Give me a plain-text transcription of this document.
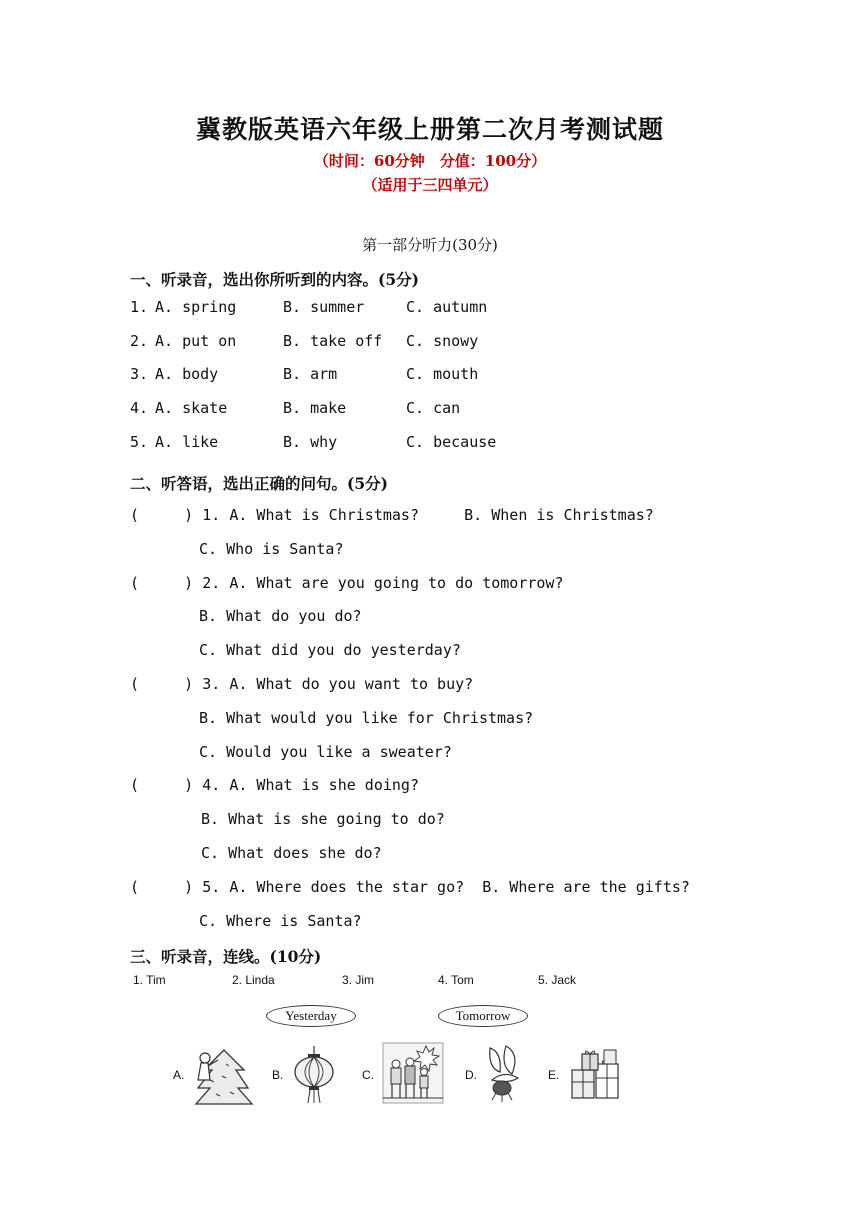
冀教版英语六年级上册第二次月考测试题
（时间：60分钟　分值：100分）
（适用于三四单元）
第一部分听力(30分)
一、听录音，选出你所听到的内容。(5分)
1. A. spring	B. summer	C. autumn
2. A. put on	B. take off C. snowy
3. A. body	B. arm	C. mouth
4. A. skate	B. make	C. can
5. A. like	B. why	C. because
二、听答语，选出正确的问句。(5分)
(     ) 1. A. What is Christmas?     B. When is Christmas?
C. Who is Santa?
(     ) 2. A. What are you going to do tomorrow?
B. What do you do?
C. What did you do yesterday?
(     ) 3. A. What do you want to buy?
B. What would you like for Christmas?
C. Would you like a sweater?
(     ) 4. A. What is she doing?
B. What is she going to do?
C. What does she do?
(     ) 5. A. Where does the star go?  B. Where are the gifts?
C. Where is Santa?
三、听录音，连线。(10分)
1. Tim	2. Linda	3. Jim	4. Tom	5. Jack
Yesterday	Tomorrow
A.	B.	C.	D.	E.
